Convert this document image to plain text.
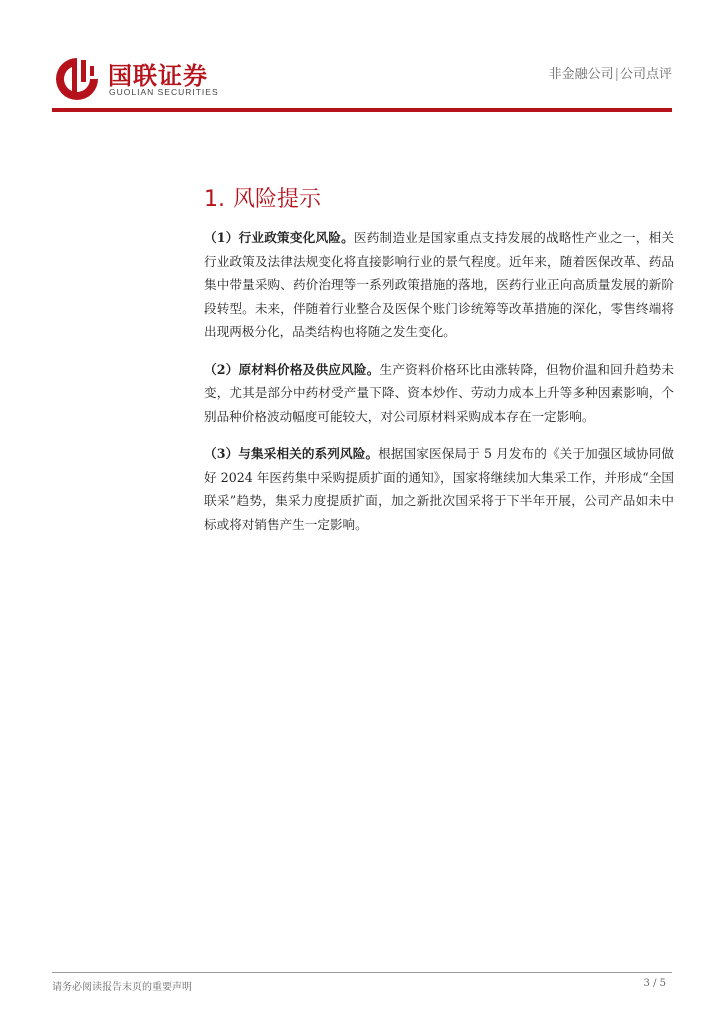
国联证券
GUOLIAN SECURITIES
非金融公司|公司点评
1. 风险提示

（1）行业政策变化风险。医药制造业是国家重点支持发展的战略性产业之一，相关行业政策及法律法规变化将直接影响行业的景气程度。近年来，随着医保改革、药品集中带量采购、药价治理等一系列政策措施的落地，医药行业正向高质量发展的新阶段转型。未来，伴随着行业整合及医保个账门诊统筹等改革措施的深化，零售终端将出现两极分化，品类结构也将随之发生变化。

（2）原材料价格及供应风险。生产资料价格环比由涨转降，但物价温和回升趋势未变，尤其是部分中药材受产量下降、资本炒作、劳动力成本上升等多种因素影响，个别品种价格波动幅度可能较大，对公司原材料采购成本存在一定影响。

（3）与集采相关的系列风险。根据国家医保局于 5 月发布的《关于加强区域协同做好 2024 年医药集中采购提质扩面的通知》，国家将继续加大集采工作，并形成“全国联采”趋势，集采力度提质扩面，加之新批次国采将于下半年开展，公司产品如未中标或将对销售产生一定影响。

请务必阅读报告末页的重要声明	3 / 5
